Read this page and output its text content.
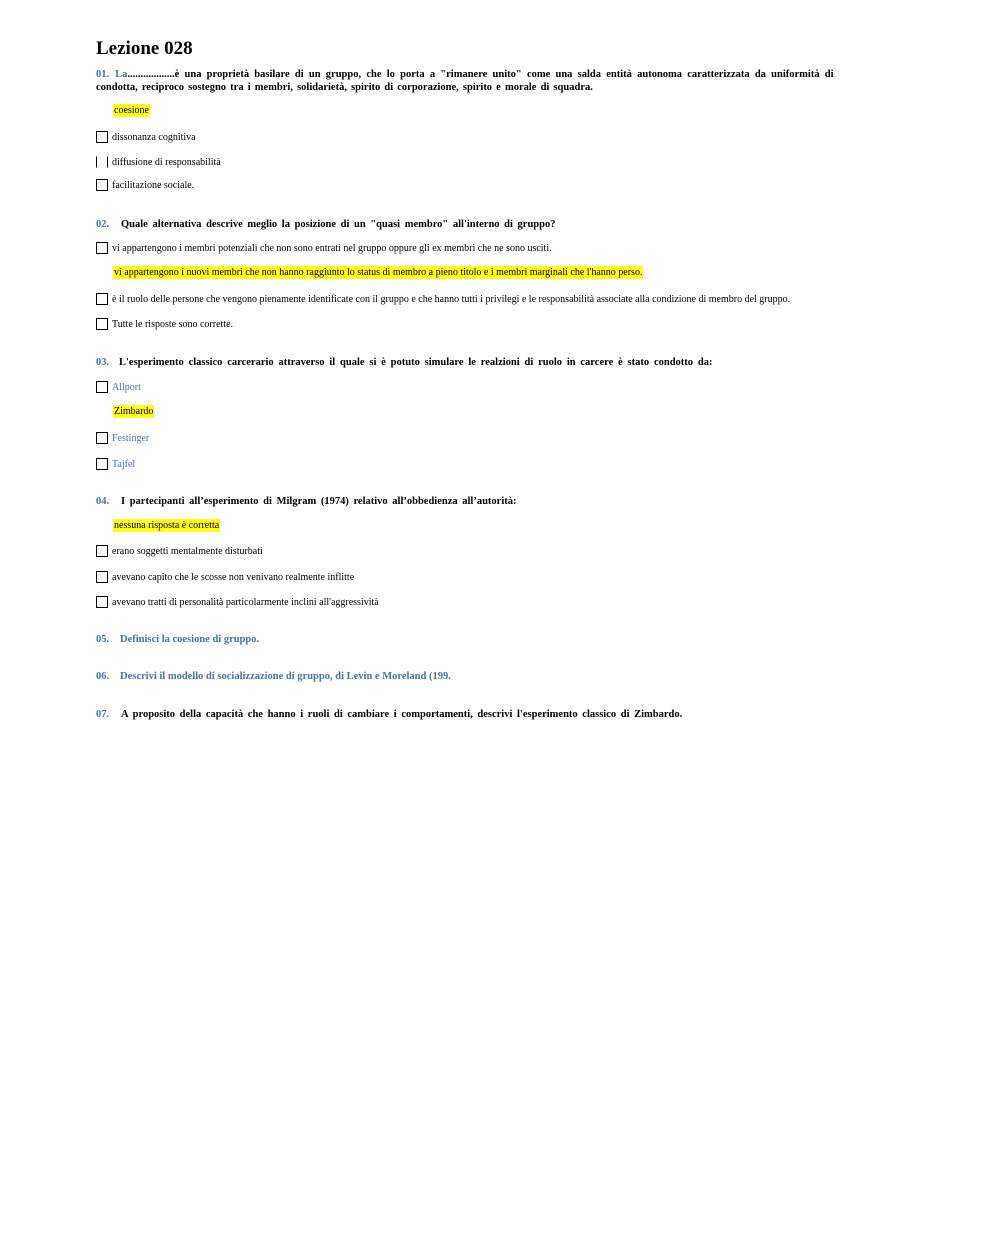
Lezione 028
01. La..................è una proprietà basilare di un gruppo, che lo porta a "rimanere unito" come una salda entità autonoma caratterizzata da uniformità di
condotta, reciproco sostegno tra i membri, solidarietà, spirito di corporazione, spirito e morale di squadra.
coesione
dissonanza cognitiva
diffusione di responsabilità
facilitazione sociale.
02. Quale alternativa descrive meglio la posizione di un "quasi membro" all'interno di gruppo?
vi appartengono i membri potenziali che non sono entrati nel gruppo oppure gli ex membri che ne sono usciti.
vi appartengono i nuovi membri che non hanno raggiunto lo status di membro a pieno titolo e i membri marginali che l'hanno perso.
è il ruolo delle persone che vengono pienamente identificate con il gruppo e che hanno tutti i privilegi e le responsabilità associate alla condizione di membro del gruppo.
Tutte le risposte sono corrette.
03. L'esperimento classico carcerario attraverso il quale si è potuto simulare le realzioni di ruolo in carcere è stato condotto da:
Allport
Zimbardo
Festinger
Tajfel
04. I partecipanti all’esperimento di Milgram (1974) relativo all’obbedienza all’autorità:
nessuna risposta è corretta
erano soggetti mentalmente disturbati
avevano capito che le scosse non venivano realmente inflitte
avevano tratti di personalità particolarmente inclini all'aggressività
05. Definisci la coesione di gruppo.
06. Descrivi il modello di socializzazione di gruppo, di Levin e Moreland (199.
07. A proposito della capacità che hanno i ruoli di cambiare i comportamenti, descrivi l'esperimento classico di Zimbardo.
